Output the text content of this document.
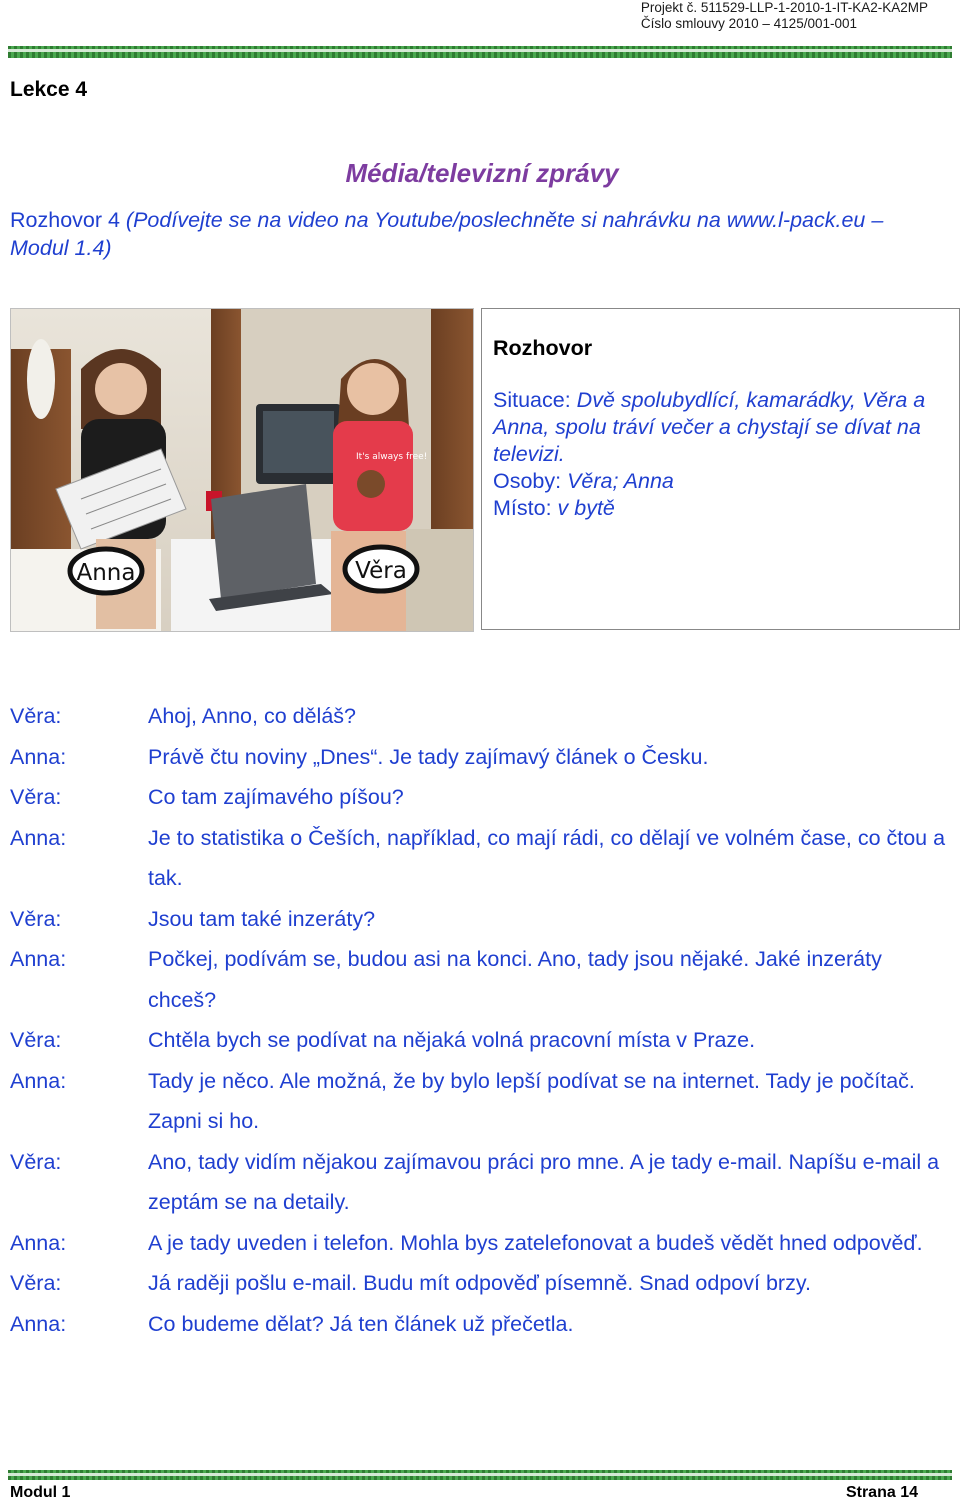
Projekt č. 511529-LLP-1-2010-1-IT-KA2-KA2MP
Číslo smlouvy 2010 – 4125/001-001
Lekce 4
Média/televizní zprávy
Rozhovor 4 (Podívejte se na video na Youtube/poslechněte si nahrávku na www.l-pack.eu – Modul 1.4)
It's always free!
Anna	Věra
Rozhovor
Situace: Dvě spolubydlící, kamarádky, Věra a Anna, spolu tráví večer a chystají se dívat na televizi.
Osoby: Věra; Anna
Místo: v bytě
Věra:	Ahoj, Anno, co děláš?
Anna:	Právě čtu noviny „Dnes“. Je tady zajímavý článek o Česku.
Věra:	Co tam zajímavého píšou?
Anna:	Je to statistika o Češích, například, co mají rádi, co dělají ve volném čase, co čtou a tak.
Věra:	Jsou tam také inzeráty?
Anna:	Počkej, podívám se, budou asi na konci. Ano, tady jsou nějaké. Jaké inzeráty chceš?
Věra:	Chtěla bych se podívat na nějaká volná pracovní místa v Praze.
Anna:	Tady je něco. Ale možná, že by bylo lepší podívat se na internet. Tady je počítač. Zapni si ho.
Věra:	Ano, tady vidím nějakou zajímavou práci pro mne. A je tady e-mail. Napíšu e-mail a zeptám se na detaily.
Anna:	A je tady uveden i telefon. Mohla bys zatelefonovat a budeš vědět hned odpověď.
Věra:	Já raději pošlu e-mail. Budu mít odpověď písemně. Snad odpoví brzy.
Anna:	Co budeme dělat? Já ten článek už přečetla.
Modul 1	Strana 14
